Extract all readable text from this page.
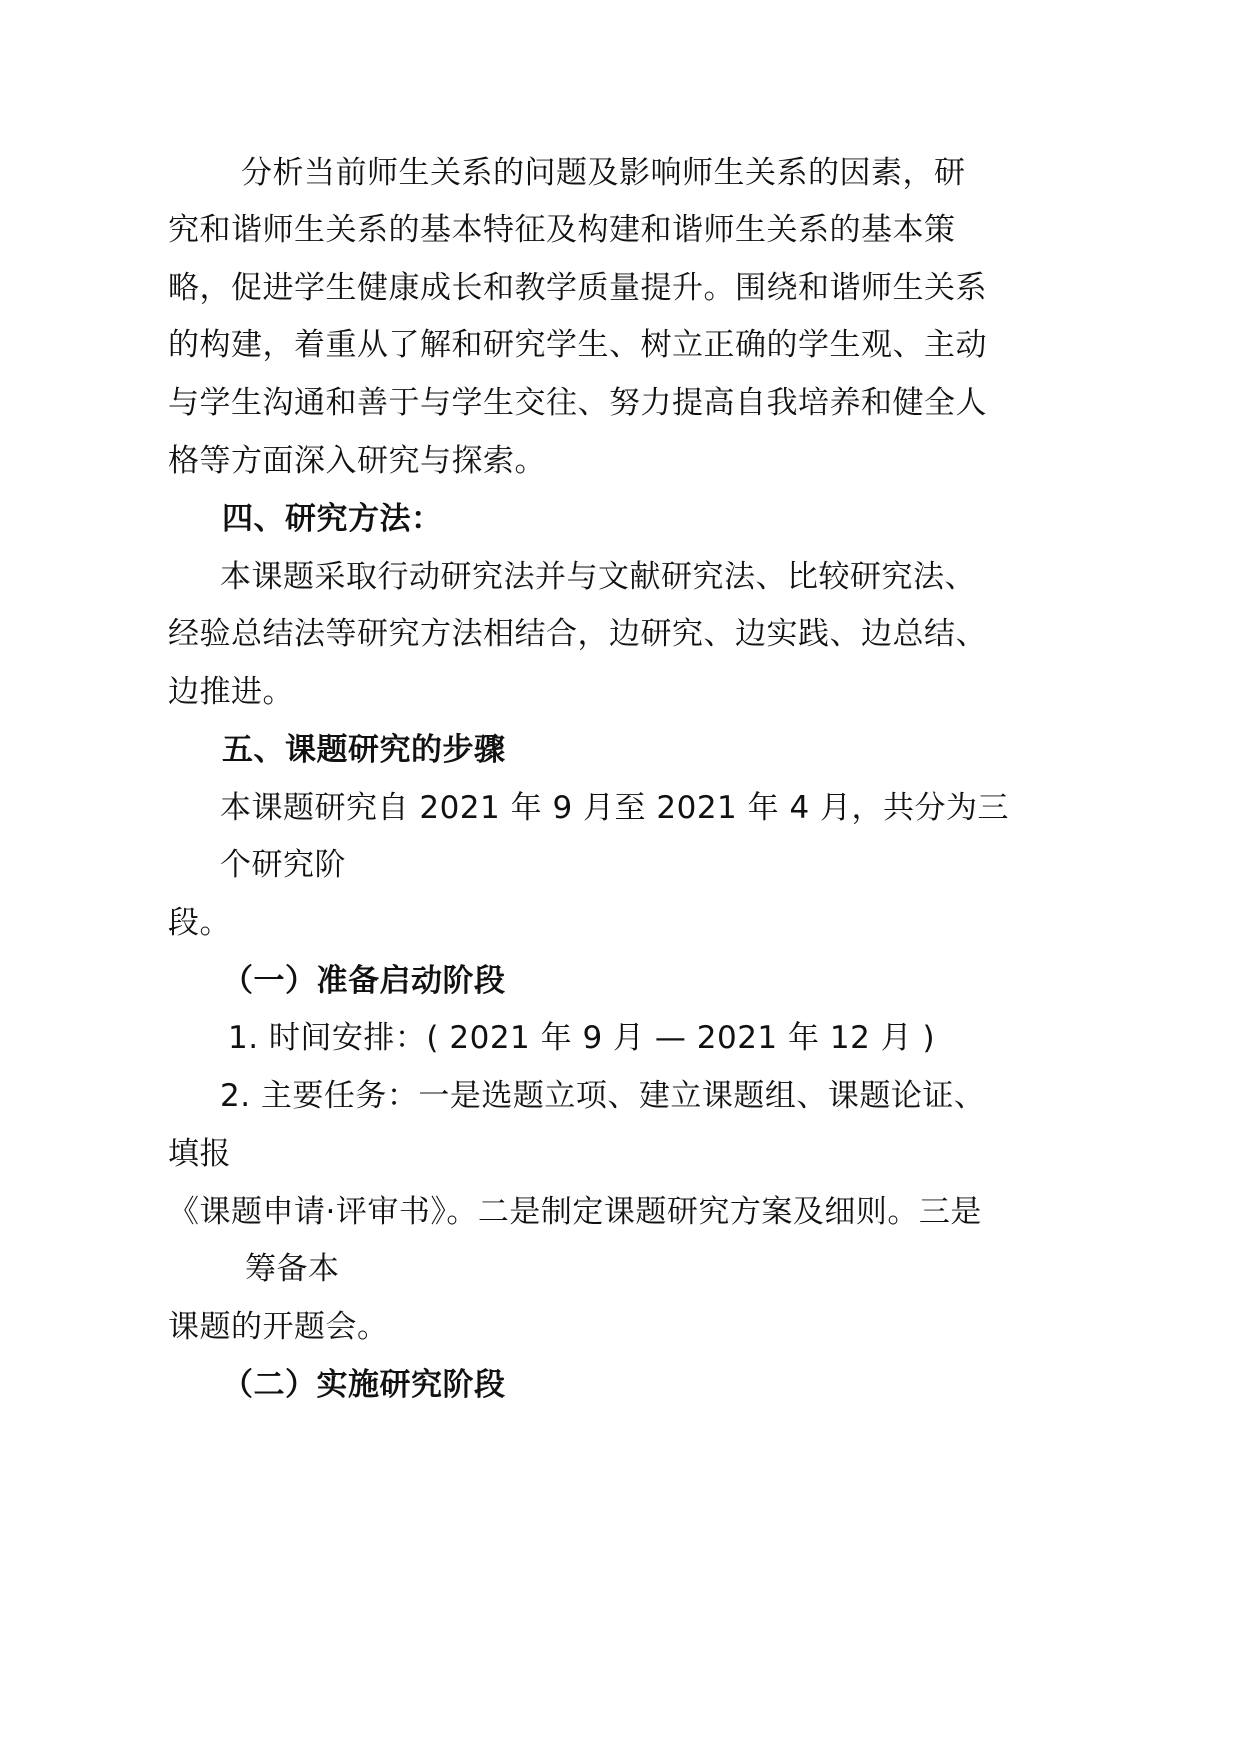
分析当前师生关系的问题及影响师生关系的因素，研
究和谐师生关系的基本特征及构建和谐师生关系的基本策
略，促进学生健康成长和教学质量提升。围绕和谐师生关系
的构建，着重从了解和研究学生、树立正确的学生观、主动
与学生沟通和善于与学生交往、努力提高自我培养和健全人
格等方面深入研究与探索。
四、研究方法：
本课题采取行动研究法并与文献研究法、比较研究法、
经验总结法等研究方法相结合，边研究、边实践、边总结、
边推进。
五、课题研究的步骤
本课题研究自 2021 年 9 月至 2021 年 4 月，共分为三
个研究阶
段。
（一）准备启动阶段
1. 时间安排：( 2021 年 9 月 — 2021 年 12 月 )
2. 主要任务：一是选题立项、建立课题组、课题论证、
填报
《课题申请·评审书》。二是制定课题研究方案及细则。三是
筹备本
课题的开题会。
（二）实施研究阶段
